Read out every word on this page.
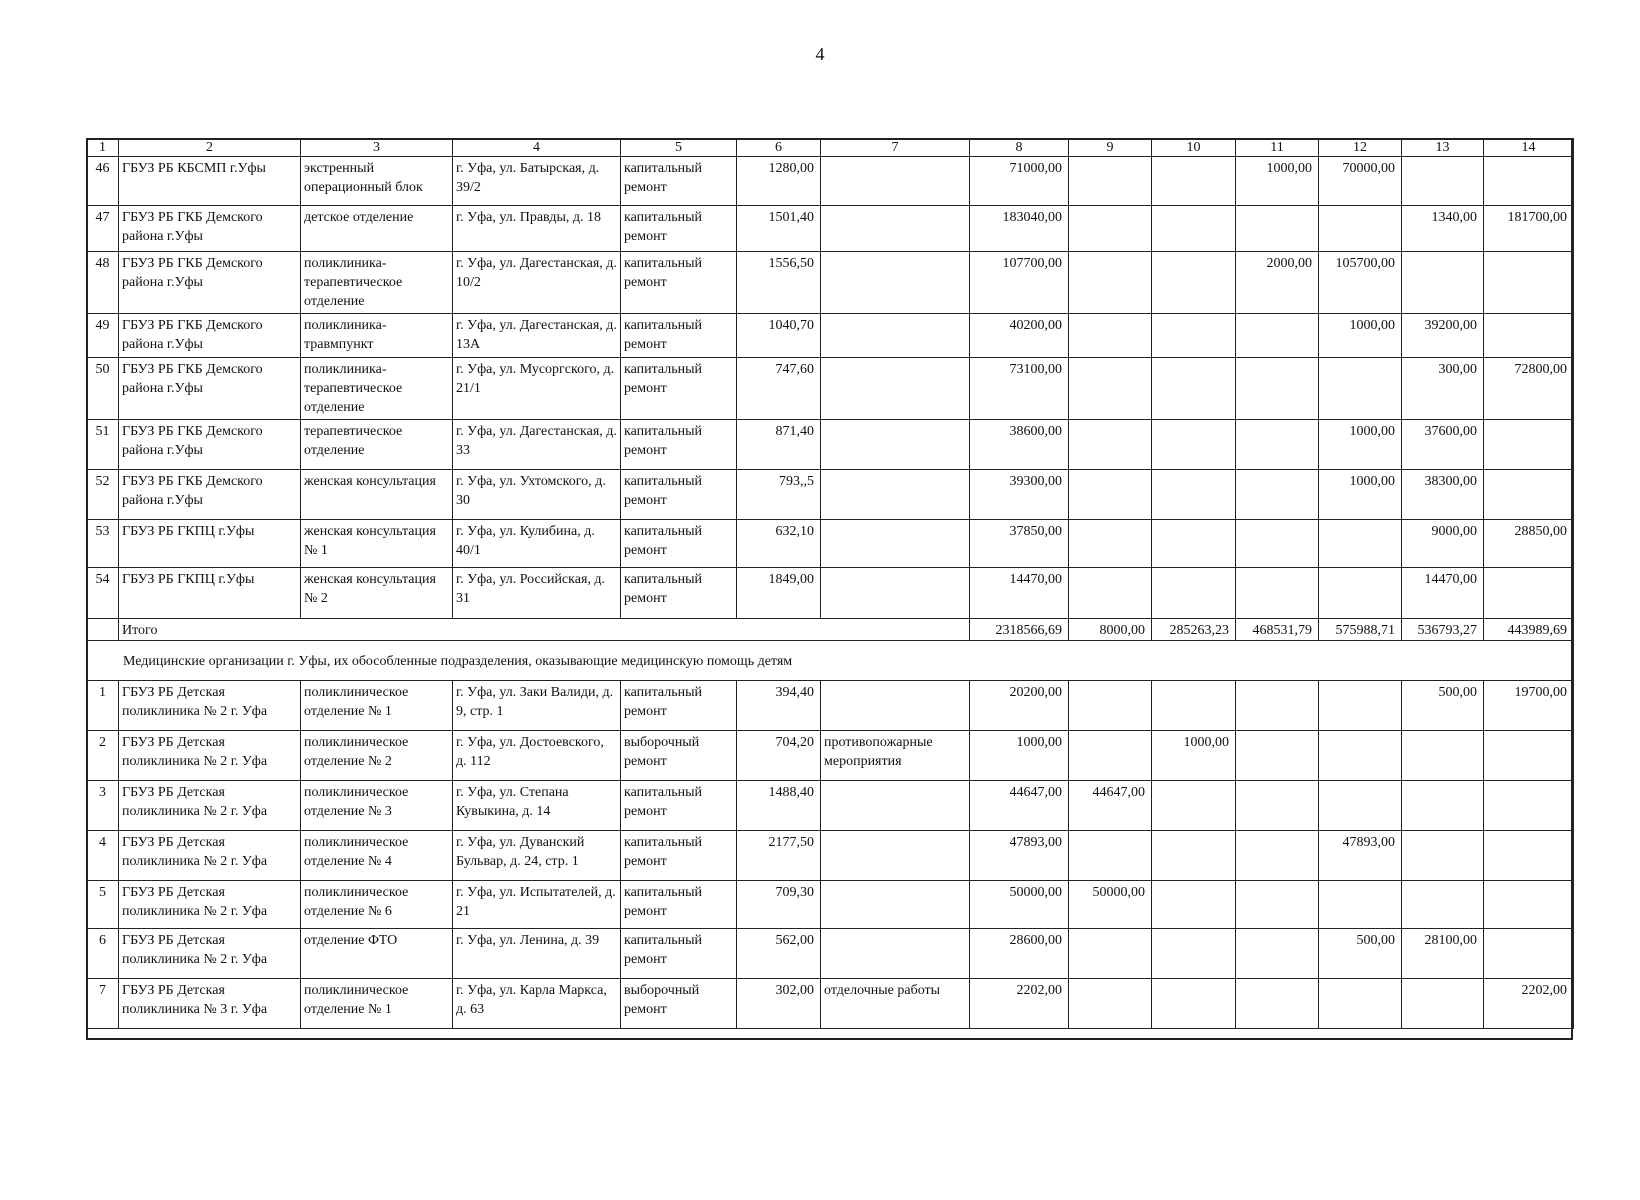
4
1	2	3	4	5	6	7	8	9	10	11	12	13	14
46	ГБУЗ РБ КБСМП г.Уфы	экстренный операционный блок	г. Уфа, ул. Батырская, д. 39/2	капитальный ремонт	1280,00		71000,00			1000,00	70000,00		
47	ГБУЗ РБ ГКБ Демского района г.Уфы	детское отделение	г. Уфа, ул. Правды, д. 18	капитальный ремонт	1501,40		183040,00					1340,00	181700,00
48	ГБУЗ РБ ГКБ Демского района г.Уфы	поликлиника-терапевтическое отделение	г. Уфа, ул. Дагестанская, д. 10/2	капитальный ремонт	1556,50		107700,00			2000,00	105700,00		
49	ГБУЗ РБ ГКБ Демского района г.Уфы	поликлиника-травмпункт	г. Уфа, ул. Дагестанская, д. 13А	капитальный ремонт	1040,70		40200,00				1000,00	39200,00	
50	ГБУЗ РБ ГКБ Демского района г.Уфы	поликлиника-терапевтическое отделение	г. Уфа, ул. Мусоргского, д. 21/1	капитальный ремонт	747,60		73100,00					300,00	72800,00
51	ГБУЗ РБ ГКБ Демского района г.Уфы	терапевтическое отделение	г. Уфа, ул. Дагестанская, д. 33	капитальный ремонт	871,40		38600,00				1000,00	37600,00	
52	ГБУЗ РБ ГКБ Демского района г.Уфы	женская консультация	г. Уфа, ул. Ухтомского, д. 30	капитальный ремонт	793,,5		39300,00				1000,00	38300,00	
53	ГБУЗ РБ ГКПЦ г.Уфы	женская консультация № 1	г. Уфа, ул. Кулибина, д. 40/1	капитальный ремонт	632,10		37850,00					9000,00	28850,00
54	ГБУЗ РБ ГКПЦ г.Уфы	женская консультация № 2	г. Уфа, ул. Российская, д. 31	капитальный ремонт	1849,00		14470,00					14470,00	
	Итого						2318566,69	8000,00	285263,23	468531,79	575988,71	536793,27	443989,69
Медицинские организации г. Уфы, их обособленные подразделения, оказывающие медицинскую помощь детям													
1	ГБУЗ РБ Детская поликлиника № 2 г. Уфа	поликлиническое отделение № 1	г. Уфа, ул. Заки Валиди, д. 9, стр. 1	капитальный ремонт	394,40		20200,00					500,00	19700,00
2	ГБУЗ РБ Детская поликлиника № 2 г. Уфа	поликлиническое отделение № 2	г. Уфа, ул. Достоевского, д. 112	выборочный ремонт	704,20	противопожарные мероприятия	1000,00		1000,00				
3	ГБУЗ РБ Детская поликлиника № 2 г. Уфа	поликлиническое отделение № 3	г. Уфа, ул. Степана Кувыкина, д. 14	капитальный ремонт	1488,40		44647,00	44647,00					
4	ГБУЗ РБ Детская поликлиника № 2 г. Уфа	поликлиническое отделение № 4	г. Уфа, ул. Дуванский Бульвар, д. 24, стр. 1	капитальный ремонт	2177,50		47893,00				47893,00		
5	ГБУЗ РБ Детская поликлиника № 2 г. Уфа	поликлиническое отделение № 6	г. Уфа, ул. Испытателей, д. 21	капитальный ремонт	709,30		50000,00	50000,00					
6	ГБУЗ РБ Детская поликлиника № 2 г. Уфа	отделение ФТО	г. Уфа, ул. Ленина, д. 39	капитальный ремонт	562,00		28600,00				500,00	28100,00	
7	ГБУЗ РБ Детская поликлиника № 3 г. Уфа	поликлиническое отделение № 1	г. Уфа, ул. Карла Маркса, д. 63	выборочный ремонт	302,00	отделочные работы	2202,00						2202,00
